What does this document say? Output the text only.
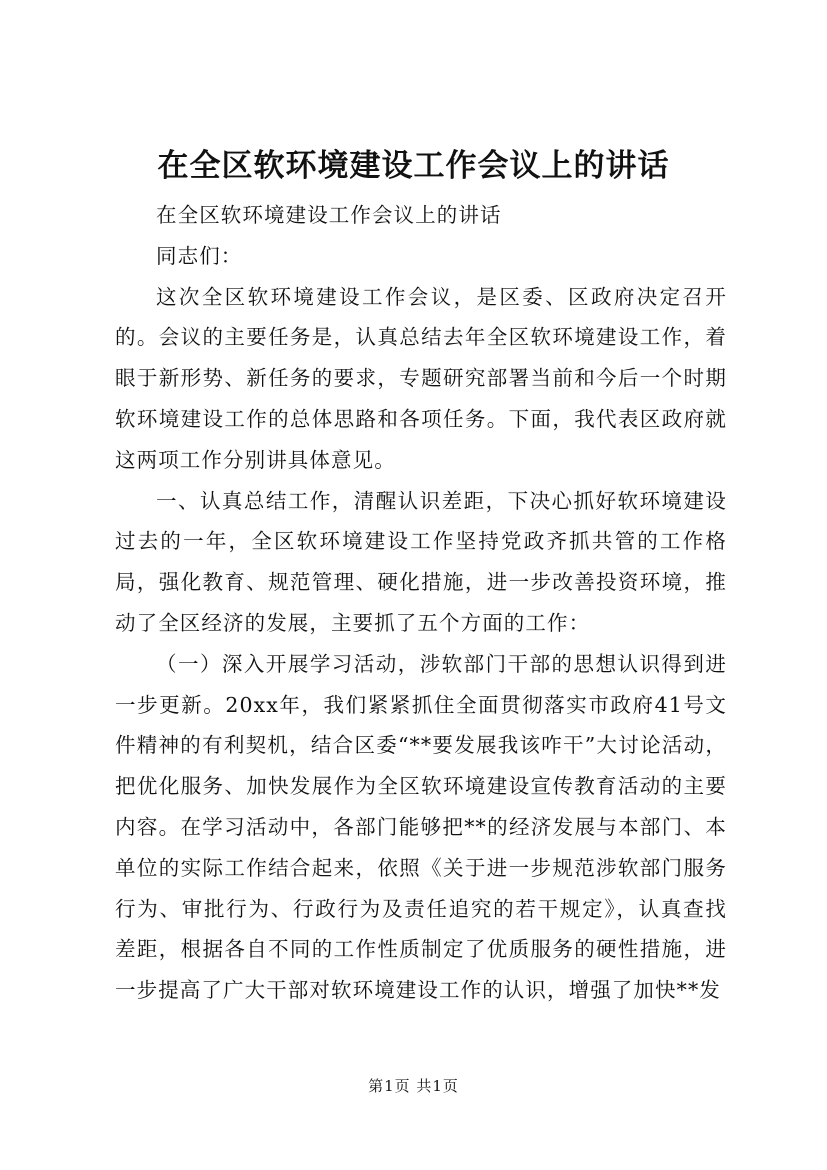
在全区软环境建设工作会议上的讲话

在全区软环境建设工作会议上的讲话

同志们：

这次全区软环境建设工作会议，是区委、区政府决定召开的。会议的主要任务是，认真总结去年全区软环境建设工作，着眼于新形势、新任务的要求，专题研究部署当前和今后一个时期软环境建设工作的总体思路和各项任务。下面，我代表区政府就这两项工作分别讲具体意见。

一、认真总结工作，清醒认识差距，下决心抓好软环境建设过去的一年，全区软环境建设工作坚持党政齐抓共管的工作格局，强化教育、规范管理、硬化措施，进一步改善投资环境，推动了全区经济的发展，主要抓了五个方面的工作：

（一）深入开展学习活动，涉软部门干部的思想认识得到进一步更新。20xx年，我们紧紧抓住全面贯彻落实市政府41号文件精神的有利契机，结合区委“**要发展我该咋干”大讨论活动，把优化服务、加快发展作为全区软环境建设宣传教育活动的主要内容。在学习活动中，各部门能够把**的经济发展与本部门、本单位的实际工作结合起来，依照《关于进一步规范涉软部门服务行为、审批行为、行政行为及责任追究的若干规定》，认真查找差距，根据各自不同的工作性质制定了优质服务的硬性措施，进一步提高了广大干部对软环境建设工作的认识，增强了加快**发

第1页 共1页
